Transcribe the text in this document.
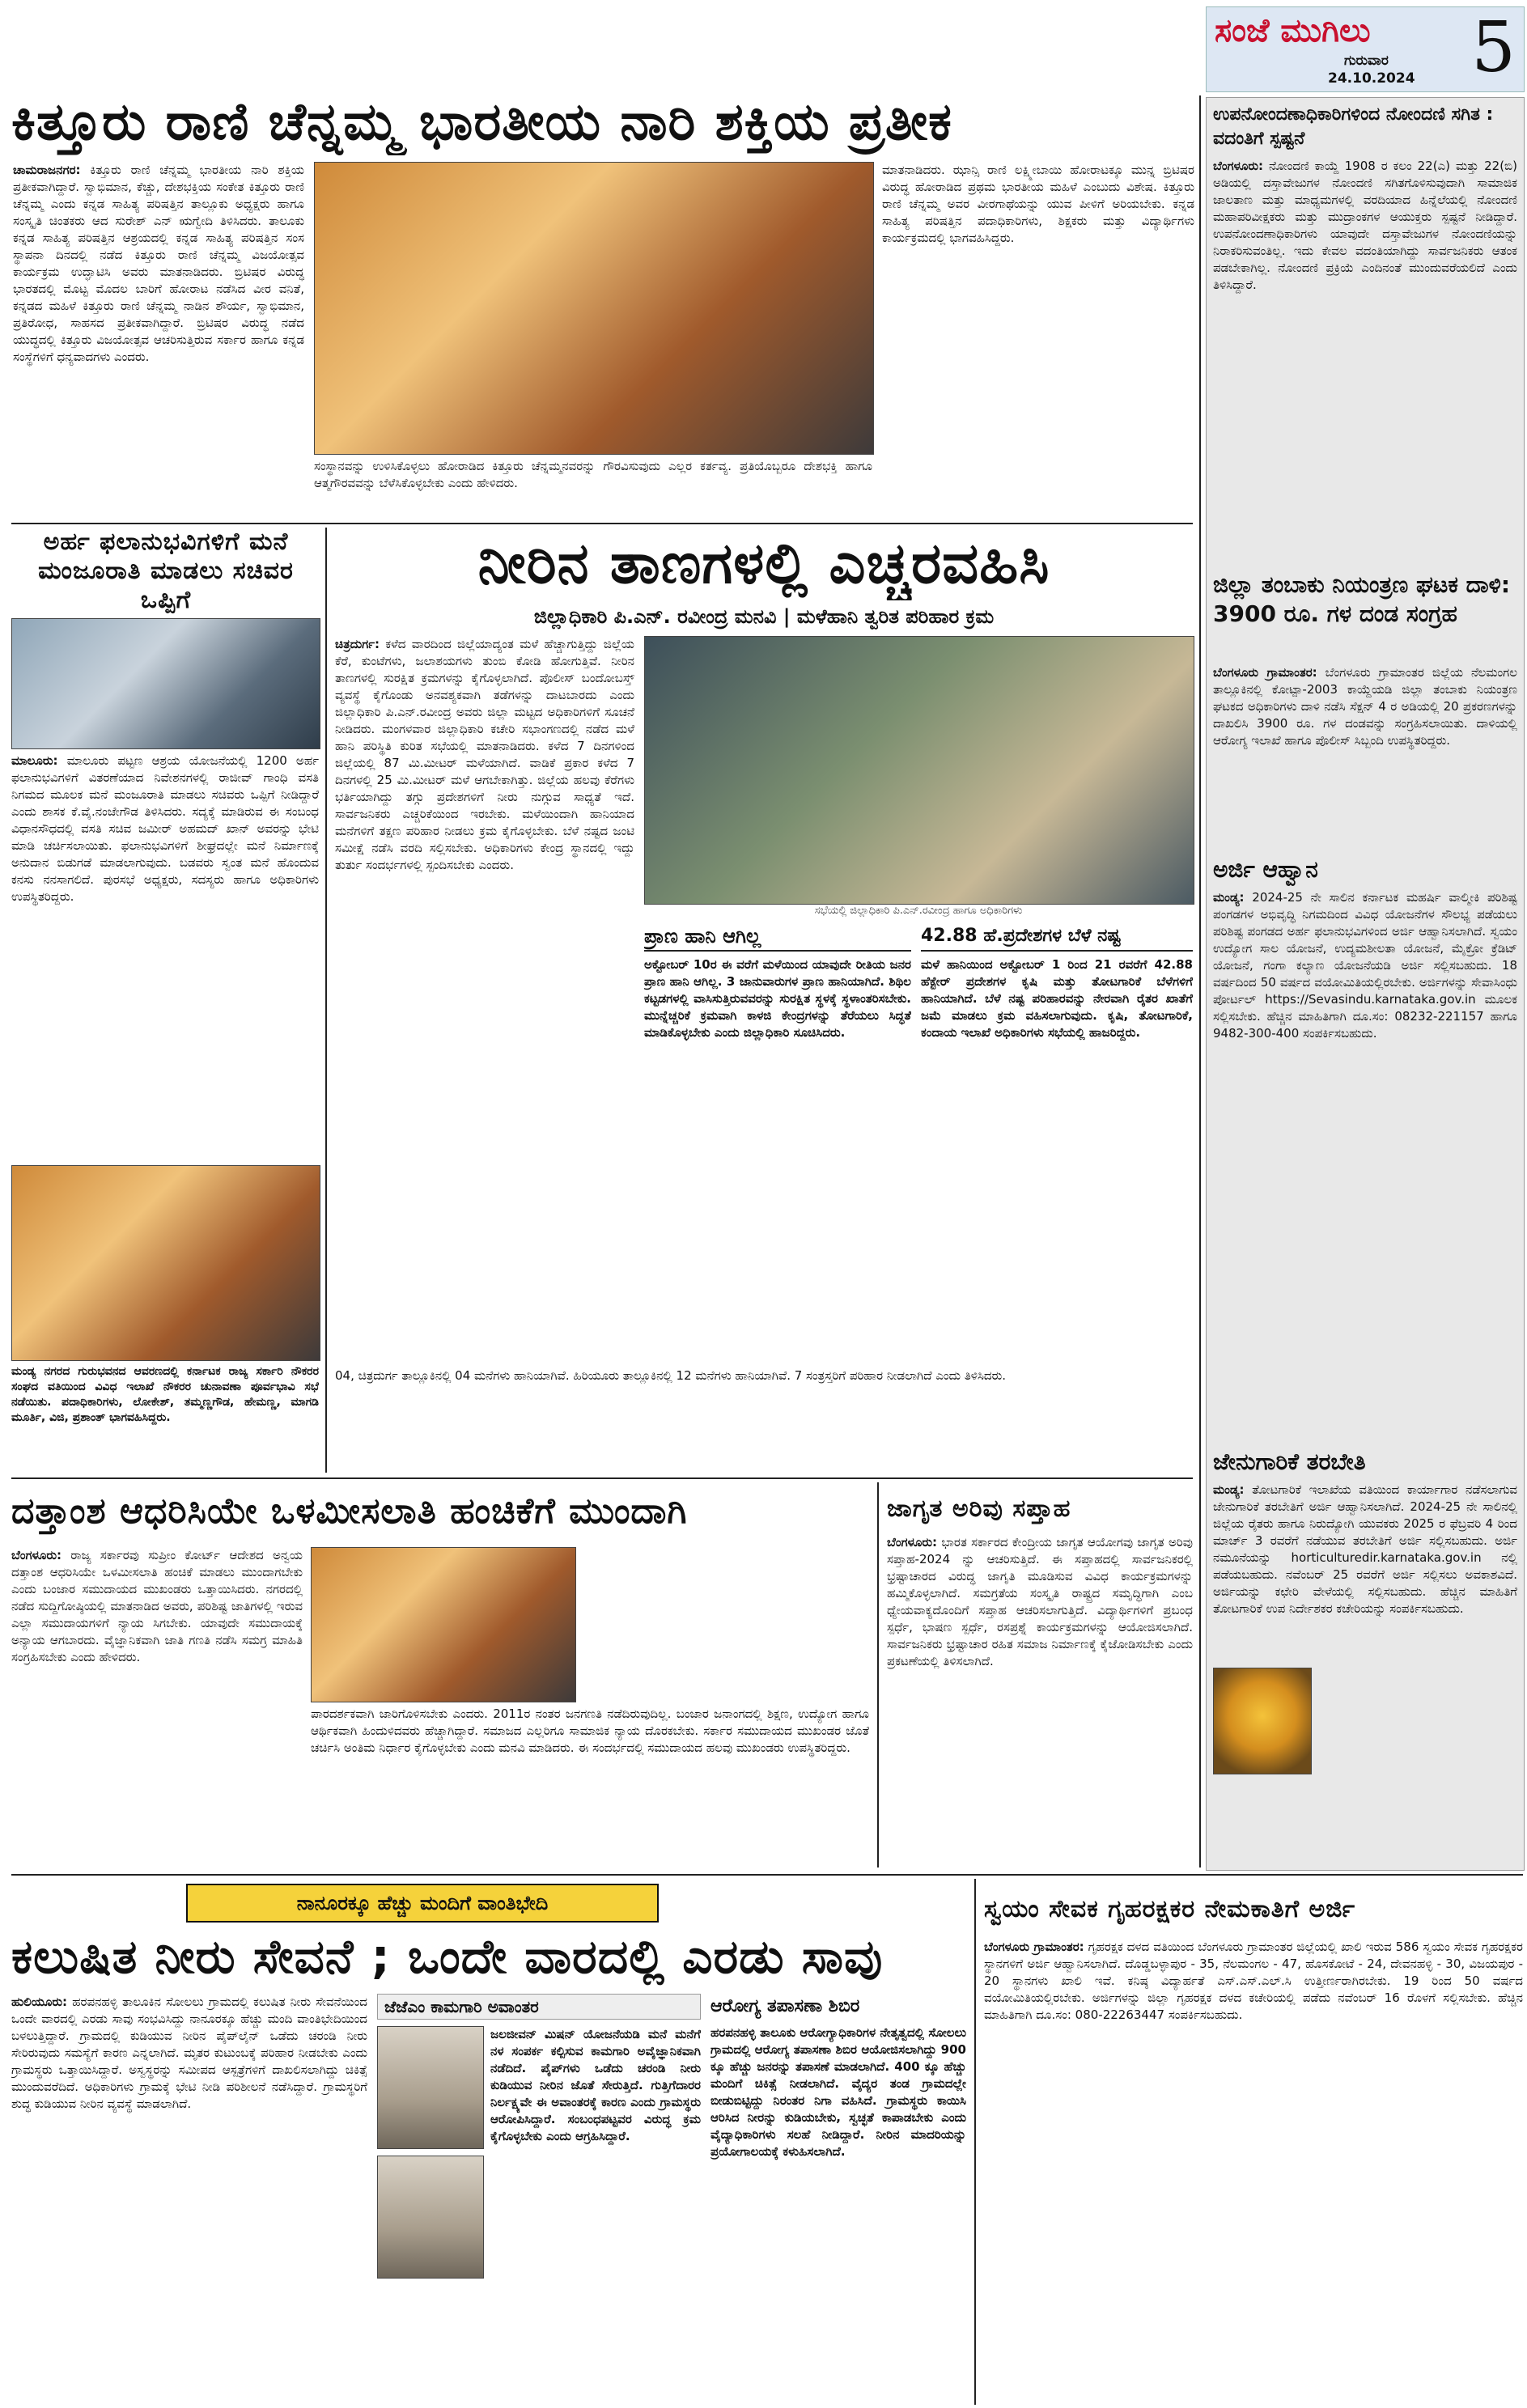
ಸಂಜೆ ಮುಗಿಲು
ಗುರುವಾರ
24.10.2024 5
ಕಿತ್ತೂರು ರಾಣಿ ಚೆನ್ನಮ್ಮ ಭಾರತೀಯ ನಾರಿ ಶಕ್ತಿಯ ಪ್ರತೀಕ
ಚಾಮರಾಜನಗರ: ಕಿತ್ತೂರು ರಾಣಿ ಚೆನ್ನಮ್ಮ ಭಾರತೀಯ ನಾರಿ ಶಕ್ತಿಯ ಪ್ರತೀಕವಾಗಿದ್ದಾರೆ. ಸ್ವಾಭಿಮಾನ, ಕೆಚ್ಚು, ದೇಶಭಕ್ತಿಯ ಸಂಕೇತ ಕಿತ್ತೂರು ರಾಣಿ ಚೆನ್ನಮ್ಮ ಎಂದು ಕನ್ನಡ ಸಾಹಿತ್ಯ ಪರಿಷತ್ತಿನ ತಾಲ್ಲೂಕು ಅಧ್ಯಕ್ಷರು ಹಾಗೂ ಸಂಸ್ಕೃತಿ ಚಿಂತಕರು ಆದ ಸುರೇಶ್ ಎನ್ ಋಗ್ವೇದಿ ತಿಳಿಸಿದರು. ತಾಲೂಕು ಕನ್ನಡ ಸಾಹಿತ್ಯ ಪರಿಷತ್ತಿನ ಆಶ್ರಯದಲ್ಲಿ ಕನ್ನಡ ಸಾಹಿತ್ಯ ಪರಿಷತ್ತಿನ ಸಂಸ ಸ್ಥಾಪನಾ ದಿನದಲ್ಲಿ ನಡೆದ ಕಿತ್ತೂರು ರಾಣಿ ಚೆನ್ನಮ್ಮ ವಿಜಯೋತ್ಸವ ಕಾರ್ಯಕ್ರಮ ಉದ್ಘಾಟಿಸಿ ಅವರು ಮಾತನಾಡಿದರು. ಬ್ರಿಟಿಷರ ವಿರುದ್ಧ ಭಾರತದಲ್ಲಿ ಮೊಟ್ಟ ಮೊದಲ ಬಾರಿಗೆ ಹೋರಾಟ ನಡೆಸಿದ ವೀರ ವನಿತೆ, ಕನ್ನಡದ ಮಹಿಳೆ ಕಿತ್ತೂರು ರಾಣಿ ಚೆನ್ನಮ್ಮ ನಾಡಿನ ಶೌರ್ಯ, ಸ್ವಾಭಿಮಾನ, ಪ್ರತಿರೋಧ, ಸಾಹಸದ ಪ್ರತೀಕವಾಗಿದ್ದಾರೆ. ಬ್ರಿಟಿಷರ ವಿರುದ್ಧ ನಡೆದ ಯುದ್ಧದಲ್ಲಿ ಕಿತ್ತೂರು ವಿಜಯೋತ್ಸವ ಆಚರಿಸುತ್ತಿರುವ ಸರ್ಕಾರ ಹಾಗೂ ಕನ್ನಡ ಸಂಸ್ಥೆಗಳಿಗೆ ಧನ್ಯವಾದಗಳು ಎಂದರು.
ಸಂಸ್ಥಾನವನ್ನು ಉಳಿಸಿಕೊಳ್ಳಲು ಹೋರಾಡಿದ ಕಿತ್ತೂರು ಚೆನ್ನಮ್ಮನವರನ್ನು ಗೌರವಿಸುವುದು ಎಲ್ಲರ ಕರ್ತವ್ಯ. ಪ್ರತಿಯೊಬ್ಬರೂ ದೇಶಭಕ್ತಿ ಹಾಗೂ ಆತ್ಮಗೌರವವನ್ನು ಬೆಳೆಸಿಕೊಳ್ಳಬೇಕು ಎಂದು ಹೇಳಿದರು.
ಮಾತನಾಡಿದರು. ಝಾನ್ಸಿ ರಾಣಿ ಲಕ್ಷ್ಮೀಬಾಯಿ ಹೋರಾಟಕ್ಕೂ ಮುನ್ನ ಬ್ರಿಟಿಷರ ವಿರುದ್ಧ ಹೋರಾಡಿದ ಪ್ರಥಮ ಭಾರತೀಯ ಮಹಿಳೆ ಎಂಬುದು ವಿಶೇಷ. ಕಿತ್ತೂರು ರಾಣಿ ಚೆನ್ನಮ್ಮ ಅವರ ವೀರಗಾಥೆಯನ್ನು ಯುವ ಪೀಳಿಗೆ ಅರಿಯಬೇಕು. ಕನ್ನಡ ಸಾಹಿತ್ಯ ಪರಿಷತ್ತಿನ ಪದಾಧಿಕಾರಿಗಳು, ಶಿಕ್ಷಕರು ಮತ್ತು ವಿದ್ಯಾರ್ಥಿಗಳು ಕಾರ್ಯಕ್ರಮದಲ್ಲಿ ಭಾಗವಹಿಸಿದ್ದರು.
ಅರ್ಹ ಫಲಾನುಭವಿಗಳಿಗೆ ಮನೆ ಮಂಜೂರಾತಿ ಮಾಡಲು ಸಚಿವರ ಒಪ್ಪಿಗೆ
ಮಾಲೂರು: ಮಾಲೂರು ಪಟ್ಟಣ ಆಶ್ರಯ ಯೋಜನೆಯಲ್ಲಿ 1200 ಅರ್ಹ ಫಲಾನುಭವಿಗಳಿಗೆ ವಿತರಣೆಯಾದ ನಿವೇಶನಗಳಲ್ಲಿ ರಾಜೀವ್ ಗಾಂಧಿ ವಸತಿ ನಿಗಮದ ಮೂಲಕ ಮನೆ ಮಂಜೂರಾತಿ ಮಾಡಲು ಸಚಿವರು ಒಪ್ಪಿಗೆ ನೀಡಿದ್ದಾರೆ ಎಂದು ಶಾಸಕ ಕೆ.ವೈ.ನಂಜೇಗೌಡ ತಿಳಿಸಿದರು. ಸದ್ಯಕ್ಕೆ ಮಾಡಿರುವ ಈ ಸಂಬಂಧ ವಿಧಾನಸೌಧದಲ್ಲಿ ವಸತಿ ಸಚಿವ ಜಮೀರ್ ಅಹಮದ್ ಖಾನ್ ಅವರನ್ನು ಭೇಟಿ ಮಾಡಿ ಚರ್ಚಿಸಲಾಯಿತು. ಫಲಾನುಭವಿಗಳಿಗೆ ಶೀಘ್ರದಲ್ಲೇ ಮನೆ ನಿರ್ಮಾಣಕ್ಕೆ ಅನುದಾನ ಬಿಡುಗಡೆ ಮಾಡಲಾಗುವುದು. ಬಡವರು ಸ್ವಂತ ಮನೆ ಹೊಂದುವ ಕನಸು ನನಸಾಗಲಿದೆ. ಪುರಸಭೆ ಅಧ್ಯಕ್ಷರು, ಸದಸ್ಯರು ಹಾಗೂ ಅಧಿಕಾರಿಗಳು ಉಪಸ್ಥಿತರಿದ್ದರು.
ಮಂಡ್ಯ ನಗರದ ಗುರುಭವನದ ಆವರಣದಲ್ಲಿ ಕರ್ನಾಟಕ ರಾಜ್ಯ ಸರ್ಕಾರಿ ನೌಕರರ ಸಂಘದ ವತಿಯಿಂದ ವಿವಿಧ ಇಲಾಖೆ ನೌಕರರ ಚುನಾವಣಾ ಪೂರ್ವಭಾವಿ ಸಭೆ ನಡೆಯಿತು. ಪದಾಧಿಕಾರಿಗಳು, ಲೋಕೇಶ್, ತಮ್ಮಣ್ಣಗೌಡ, ಹೇಮಣ್ಣ, ಮಾಗಡಿ ಮೂರ್ತಿ, ವಿಜಿ, ಪ್ರಶಾಂತ್ ಭಾಗವಹಿಸಿದ್ದರು.
ನೀರಿನ ತಾಣಗಳಲ್ಲಿ ಎಚ್ಚರವಹಿಸಿ
ಜಿಲ್ಲಾಧಿಕಾರಿ ಪಿ.ಎನ್. ರವೀಂದ್ರ ಮನವಿ | ಮಳೆಹಾನಿ ತ್ವರಿತ ಪರಿಹಾರ ಕ್ರಮ
ಚಿತ್ರದುರ್ಗ: ಕಳೆದ ವಾರದಿಂದ ಜಿಲ್ಲೆಯಾದ್ಯಂತ ಮಳೆ ಹೆಚ್ಚಾಗುತ್ತಿದ್ದು ಜಿಲ್ಲೆಯ ಕೆರೆ, ಕುಂಟೆಗಳು, ಜಲಾಶಯಗಳು ತುಂಬಿ ಕೋಡಿ ಹೋಗುತ್ತಿವೆ. ನೀರಿನ ತಾಣಗಳಲ್ಲಿ ಸುರಕ್ಷಿತ ಕ್ರಮಗಳನ್ನು ಕೈಗೊಳ್ಳಲಾಗಿದೆ. ಪೊಲೀಸ್ ಬಂದೋಬಸ್ತ್ ವ್ಯವಸ್ಥೆ ಕೈಗೊಂಡು ಅನವಶ್ಯಕವಾಗಿ ತಡೆಗಳನ್ನು ದಾಟಬಾರದು ಎಂದು ಜಿಲ್ಲಾಧಿಕಾರಿ ಪಿ.ಎನ್.ರವೀಂದ್ರ ಅವರು ಜಿಲ್ಲಾ ಮಟ್ಟದ ಅಧಿಕಾರಿಗಳಿಗೆ ಸೂಚನೆ ನೀಡಿದರು. ಮಂಗಳವಾರ ಜಿಲ್ಲಾಧಿಕಾರಿ ಕಚೇರಿ ಸಭಾಂಗಣದಲ್ಲಿ ನಡೆದ ಮಳೆ ಹಾನಿ ಪರಿಸ್ಥಿತಿ ಕುರಿತ ಸಭೆಯಲ್ಲಿ ಮಾತನಾಡಿದರು. ಕಳೆದ 7 ದಿನಗಳಿಂದ ಜಿಲ್ಲೆಯಲ್ಲಿ 87 ಮಿ.ಮೀಟರ್ ಮಳೆಯಾಗಿದೆ. ವಾಡಿಕೆ ಪ್ರಕಾರ ಕಳೆದ 7 ದಿನಗಳಲ್ಲಿ 25 ಮಿ.ಮೀಟರ್ ಮಳೆ ಆಗಬೇಕಾಗಿತ್ತು. ಜಿಲ್ಲೆಯ ಹಲವು ಕೆರೆಗಳು ಭರ್ತಿಯಾಗಿದ್ದು ತಗ್ಗು ಪ್ರದೇಶಗಳಿಗೆ ನೀರು ನುಗ್ಗುವ ಸಾಧ್ಯತೆ ಇದೆ. ಸಾರ್ವಜನಿಕರು ಎಚ್ಚರಿಕೆಯಿಂದ ಇರಬೇಕು. ಮಳೆಯಿಂದಾಗಿ ಹಾನಿಯಾದ ಮನೆಗಳಿಗೆ ತಕ್ಷಣ ಪರಿಹಾರ ನೀಡಲು ಕ್ರಮ ಕೈಗೊಳ್ಳಬೇಕು. ಬೆಳೆ ನಷ್ಟದ ಜಂಟಿ ಸಮೀಕ್ಷೆ ನಡೆಸಿ ವರದಿ ಸಲ್ಲಿಸಬೇಕು. ಅಧಿಕಾರಿಗಳು ಕೇಂದ್ರ ಸ್ಥಾನದಲ್ಲಿ ಇದ್ದು ತುರ್ತು ಸಂದರ್ಭಗಳಲ್ಲಿ ಸ್ಪಂದಿಸಬೇಕು ಎಂದರು.
ಸಭೆಯಲ್ಲಿ ಜಿಲ್ಲಾಧಿಕಾರಿ ಪಿ.ಎನ್.ರವೀಂದ್ರ ಹಾಗೂ ಅಧಿಕಾರಿಗಳು
ಪ್ರಾಣ ಹಾನಿ ಆಗಿಲ್ಲ
ಅಕ್ಟೋಬರ್ 10ರ ಈ ವರೆಗೆ ಮಳೆಯಿಂದ ಯಾವುದೇ ರೀತಿಯ ಜನರ ಪ್ರಾಣ ಹಾನಿ ಆಗಿಲ್ಲ. 3 ಜಾನುವಾರುಗಳ ಪ್ರಾಣ ಹಾನಿಯಾಗಿದೆ. ಶಿಥಿಲ ಕಟ್ಟಡಗಳಲ್ಲಿ ವಾಸಿಸುತ್ತಿರುವವರನ್ನು ಸುರಕ್ಷಿತ ಸ್ಥಳಕ್ಕೆ ಸ್ಥಳಾಂತರಿಸಬೇಕು. ಮುನ್ನೆಚ್ಚರಿಕೆ ಕ್ರಮವಾಗಿ ಕಾಳಜಿ ಕೇಂದ್ರಗಳನ್ನು ತೆರೆಯಲು ಸಿದ್ಧತೆ ಮಾಡಿಕೊಳ್ಳಬೇಕು ಎಂದು ಜಿಲ್ಲಾಧಿಕಾರಿ ಸೂಚಿಸಿದರು.
42.88 ಹೆ.ಪ್ರದೇಶಗಳ ಬೆಳೆ ನಷ್ಟ
ಮಳೆ ಹಾನಿಯಿಂದ ಅಕ್ಟೋಬರ್ 1 ರಿಂದ 21 ರವರೆಗೆ 42.88 ಹೆಕ್ಟೇರ್ ಪ್ರದೇಶಗಳ ಕೃಷಿ ಮತ್ತು ತೋಟಗಾರಿಕೆ ಬೆಳೆಗಳಿಗೆ ಹಾನಿಯಾಗಿದೆ. ಬೆಳೆ ನಷ್ಟ ಪರಿಹಾರವನ್ನು ನೇರವಾಗಿ ರೈತರ ಖಾತೆಗೆ ಜಮೆ ಮಾಡಲು ಕ್ರಮ ವಹಿಸಲಾಗುವುದು. ಕೃಷಿ, ತೋಟಗಾರಿಕೆ, ಕಂದಾಯ ಇಲಾಖೆ ಅಧಿಕಾರಿಗಳು ಸಭೆಯಲ್ಲಿ ಹಾಜರಿದ್ದರು.
04, ಚಿತ್ರದುರ್ಗ ತಾಲ್ಲೂಕಿನಲ್ಲಿ 04 ಮನೆಗಳು ಹಾನಿಯಾಗಿವೆ. ಹಿರಿಯೂರು ತಾಲ್ಲೂಕಿನಲ್ಲಿ 12 ಮನೆಗಳು ಹಾನಿಯಾಗಿವೆ. 7 ಸಂತ್ರಸ್ತರಿಗೆ ಪರಿಹಾರ ನೀಡಲಾಗಿದೆ ಎಂದು ತಿಳಿಸಿದರು.
ದತ್ತಾಂಶ ಆಧರಿಸಿಯೇ ಒಳಮೀಸಲಾತಿ ಹಂಚಿಕೆಗೆ ಮುಂದಾಗಿ
ಬೆಂಗಳೂರು: ರಾಜ್ಯ ಸರ್ಕಾರವು ಸುಪ್ರೀಂ ಕೋರ್ಟ್ ಆದೇಶದ ಅನ್ವಯ ದತ್ತಾಂಶ ಆಧರಿಸಿಯೇ ಒಳಮೀಸಲಾತಿ ಹಂಚಿಕೆ ಮಾಡಲು ಮುಂದಾಗಬೇಕು ಎಂದು ಬಂಜಾರ ಸಮುದಾಯದ ಮುಖಂಡರು ಒತ್ತಾಯಿಸಿದರು. ನಗರದಲ್ಲಿ ನಡೆದ ಸುದ್ದಿಗೋಷ್ಠಿಯಲ್ಲಿ ಮಾತನಾಡಿದ ಅವರು, ಪರಿಶಿಷ್ಟ ಜಾತಿಗಳಲ್ಲಿ ಇರುವ ಎಲ್ಲಾ ಸಮುದಾಯಗಳಿಗೆ ನ್ಯಾಯ ಸಿಗಬೇಕು. ಯಾವುದೇ ಸಮುದಾಯಕ್ಕೆ ಅನ್ಯಾಯ ಆಗಬಾರದು. ವೈಜ್ಞಾನಿಕವಾಗಿ ಜಾತಿ ಗಣತಿ ನಡೆಸಿ ಸಮಗ್ರ ಮಾಹಿತಿ ಸಂಗ್ರಹಿಸಬೇಕು ಎಂದು ಹೇಳಿದರು.
ಪಾರದರ್ಶಕವಾಗಿ ಜಾರಿಗೊಳಿಸಬೇಕು ಎಂದರು. 2011ರ ನಂತರ ಜನಗಣತಿ ನಡೆದಿರುವುದಿಲ್ಲ. ಬಂಜಾರ ಜನಾಂಗದಲ್ಲಿ ಶಿಕ್ಷಣ, ಉದ್ಯೋಗ ಹಾಗೂ ಆರ್ಥಿಕವಾಗಿ ಹಿಂದುಳಿದವರು ಹೆಚ್ಚಾಗಿದ್ದಾರೆ. ಸಮಾಜದ ಎಲ್ಲರಿಗೂ ಸಾಮಾಜಿಕ ನ್ಯಾಯ ದೊರಕಬೇಕು. ಸರ್ಕಾರ ಸಮುದಾಯದ ಮುಖಂಡರ ಜೊತೆ ಚರ್ಚಿಸಿ ಅಂತಿಮ ನಿರ್ಧಾರ ಕೈಗೊಳ್ಳಬೇಕು ಎಂದು ಮನವಿ ಮಾಡಿದರು. ಈ ಸಂದರ್ಭದಲ್ಲಿ ಸಮುದಾಯದ ಹಲವು ಮುಖಂಡರು ಉಪಸ್ಥಿತರಿದ್ದರು.
ಜಾಗೃತ ಅರಿವು ಸಪ್ತಾಹ
ಬೆಂಗಳೂರು: ಭಾರತ ಸರ್ಕಾರದ ಕೇಂದ್ರೀಯ ಜಾಗೃತ ಆಯೋಗವು ಜಾಗೃತ ಅರಿವು ಸಪ್ತಾಹ-2024 ನ್ನು ಆಚರಿಸುತ್ತಿದೆ. ಈ ಸಪ್ತಾಹದಲ್ಲಿ ಸಾರ್ವಜನಿಕರಲ್ಲಿ ಭ್ರಷ್ಟಾಚಾರದ ವಿರುದ್ಧ ಜಾಗೃತಿ ಮೂಡಿಸುವ ವಿವಿಧ ಕಾರ್ಯಕ್ರಮಗಳನ್ನು ಹಮ್ಮಿಕೊಳ್ಳಲಾಗಿದೆ. ಸಮಗ್ರತೆಯ ಸಂಸ್ಕೃತಿ ರಾಷ್ಟ್ರದ ಸಮೃದ್ಧಿಗಾಗಿ ಎಂಬ ಧ್ಯೇಯವಾಕ್ಯದೊಂದಿಗೆ ಸಪ್ತಾಹ ಆಚರಿಸಲಾಗುತ್ತಿದೆ. ವಿದ್ಯಾರ್ಥಿಗಳಿಗೆ ಪ್ರಬಂಧ ಸ್ಪರ್ಧೆ, ಭಾಷಣ ಸ್ಪರ್ಧೆ, ರಸಪ್ರಶ್ನೆ ಕಾರ್ಯಕ್ರಮಗಳನ್ನು ಆಯೋಜಿಸಲಾಗಿದೆ. ಸಾರ್ವಜನಿಕರು ಭ್ರಷ್ಟಾಚಾರ ರಹಿತ ಸಮಾಜ ನಿರ್ಮಾಣಕ್ಕೆ ಕೈಜೋಡಿಸಬೇಕು ಎಂದು ಪ್ರಕಟಣೆಯಲ್ಲಿ ತಿಳಿಸಲಾಗಿದೆ.
ಉಪನೋಂದಣಾಧಿಕಾರಿಗಳಿಂದ ನೋಂದಣಿ ಸಗಿತ : ವದಂತಿಗೆ ಸ್ಪಷ್ಟನೆ
ಬೆಂಗಳೂರು: ನೋಂದಣಿ ಕಾಯ್ದೆ 1908 ರ ಕಲಂ 22(ಎ) ಮತ್ತು 22(ಬಿ) ಅಡಿಯಲ್ಲಿ ದಸ್ತಾವೇಜುಗಳ ನೋಂದಣಿ ಸಗಿತಗೊಳಿಸುವುದಾಗಿ ಸಾಮಾಜಿಕ ಜಾಲತಾಣ ಮತ್ತು ಮಾಧ್ಯಮಗಳಲ್ಲಿ ವರದಿಯಾದ ಹಿನ್ನೆಲೆಯಲ್ಲಿ ನೋಂದಣಿ ಮಹಾಪರಿವೀಕ್ಷಕರು ಮತ್ತು ಮುದ್ರಾಂಕಗಳ ಆಯುಕ್ತರು ಸ್ಪಷ್ಟನೆ ನೀಡಿದ್ದಾರೆ. ಉಪನೋಂದಣಾಧಿಕಾರಿಗಳು ಯಾವುದೇ ದಸ್ತಾವೇಜುಗಳ ನೋಂದಣಿಯನ್ನು ನಿರಾಕರಿಸುವಂತಿಲ್ಲ. ಇದು ಕೇವಲ ವದಂತಿಯಾಗಿದ್ದು ಸಾರ್ವಜನಿಕರು ಆತಂಕ ಪಡಬೇಕಾಗಿಲ್ಲ. ನೋಂದಣಿ ಪ್ರಕ್ರಿಯೆ ಎಂದಿನಂತೆ ಮುಂದುವರೆಯಲಿದೆ ಎಂದು ತಿಳಿಸಿದ್ದಾರೆ.
ಜಿಲ್ಲಾ ತಂಬಾಕು ನಿಯಂತ್ರಣ ಘಟಕ ದಾಳಿ: 3900 ರೂ. ಗಳ ದಂಡ ಸಂಗ್ರಹ
ಬೆಂಗಳೂರು ಗ್ರಾಮಾಂತರ: ಬೆಂಗಳೂರು ಗ್ರಾಮಾಂತರ ಜಿಲ್ಲೆಯ ನೆಲಮಂಗಲ ತಾಲ್ಲೂಕಿನಲ್ಲಿ ಕೋಟ್ಪಾ-2003 ಕಾಯ್ದೆಯಡಿ ಜಿಲ್ಲಾ ತಂಬಾಕು ನಿಯಂತ್ರಣ ಘಟಕದ ಅಧಿಕಾರಿಗಳು ದಾಳಿ ನಡೆಸಿ ಸೆಕ್ಷನ್ 4 ರ ಅಡಿಯಲ್ಲಿ 20 ಪ್ರಕರಣಗಳನ್ನು ದಾಖಲಿಸಿ 3900 ರೂ. ಗಳ ದಂಡವನ್ನು ಸಂಗ್ರಹಿಸಲಾಯಿತು. ದಾಳಿಯಲ್ಲಿ ಆರೋಗ್ಯ ಇಲಾಖೆ ಹಾಗೂ ಪೊಲೀಸ್ ಸಿಬ್ಬಂದಿ ಉಪಸ್ಥಿತರಿದ್ದರು.
ಅರ್ಜಿ ಆಹ್ವಾನ
ಮಂಡ್ಯ: 2024-25 ನೇ ಸಾಲಿನ ಕರ್ನಾಟಕ ಮಹರ್ಷಿ ವಾಲ್ಮೀಕಿ ಪರಿಶಿಷ್ಟ ಪಂಗಡಗಳ ಅಭಿವೃದ್ಧಿ ನಿಗಮದಿಂದ ವಿವಿಧ ಯೋಜನೆಗಳ ಸೌಲಭ್ಯ ಪಡೆಯಲು ಪರಿಶಿಷ್ಟ ಪಂಗಡದ ಅರ್ಹ ಫಲಾನುಭವಿಗಳಿಂದ ಅರ್ಜಿ ಆಹ್ವಾನಿಸಲಾಗಿದೆ. ಸ್ವಯಂ ಉದ್ಯೋಗ ಸಾಲ ಯೋಜನೆ, ಉದ್ಯಮಶೀಲತಾ ಯೋಜನೆ, ಮೈಕ್ರೋ ಕ್ರೆಡಿಟ್ ಯೋಜನೆ, ಗಂಗಾ ಕಲ್ಯಾಣ ಯೋಜನೆಯಡಿ ಅರ್ಜಿ ಸಲ್ಲಿಸಬಹುದು. 18 ವರ್ಷದಿಂದ 50 ವರ್ಷದ ವಯೋಮಿತಿಯಲ್ಲಿರಬೇಕು. ಅರ್ಜಿಗಳನ್ನು ಸೇವಾಸಿಂಧು ಪೋರ್ಟಲ್ https://Sevasindu.karnataka.gov.in ಮೂಲಕ ಸಲ್ಲಿಸಬೇಕು. ಹೆಚ್ಚಿನ ಮಾಹಿತಿಗಾಗಿ ದೂ.ಸಂ: 08232-221157 ಹಾಗೂ 9482-300-400 ಸಂಪರ್ಕಿಸಬಹುದು.
ಜೇನುಗಾರಿಕೆ ತರಬೇತಿ
ಮಂಡ್ಯ: ತೋಟಗಾರಿಕೆ ಇಲಾಖೆಯ ವತಿಯಿಂದ ಕಾರ್ಯಾಗಾರ ನಡೆಸಲಾಗುವ ಜೇನುಗಾರಿಕೆ ತರಬೇತಿಗೆ ಅರ್ಜಿ ಆಹ್ವಾನಿಸಲಾಗಿದೆ. 2024-25 ನೇ ಸಾಲಿನಲ್ಲಿ ಜಿಲ್ಲೆಯ ರೈತರು ಹಾಗೂ ನಿರುದ್ಯೋಗಿ ಯುವಕರು 2025 ರ ಫೆಬ್ರವರಿ 4 ರಿಂದ ಮಾರ್ಚ್ 3 ರವರೆಗೆ ನಡೆಯುವ ತರಬೇತಿಗೆ ಅರ್ಜಿ ಸಲ್ಲಿಸಬಹುದು. ಅರ್ಜಿ ನಮೂನೆಯನ್ನು horticulturedir.karnataka.gov.in ನಲ್ಲಿ ಪಡೆಯಬಹುದು. ನವೆಂಬರ್ 25 ರವರೆಗೆ ಅರ್ಜಿ ಸಲ್ಲಿಸಲು ಅವಕಾಶವಿದೆ. ಅರ್ಜಿಯನ್ನು ಕಛೇರಿ ವೇಳೆಯಲ್ಲಿ ಸಲ್ಲಿಸಬಹುದು. ಹೆಚ್ಚಿನ ಮಾಹಿತಿಗೆ ತೋಟಗಾರಿಕೆ ಉಪ ನಿರ್ದೇಶಕರ ಕಚೇರಿಯನ್ನು ಸಂಪರ್ಕಿಸಬಹುದು.
ನಾನೂರಕ್ಕೂ ಹೆಚ್ಚು ಮಂದಿಗೆ ವಾಂತಿಭೇದಿ
ಕಲುಷಿತ ನೀರು ಸೇವನೆ ; ಒಂದೇ ವಾರದಲ್ಲಿ ಎರಡು ಸಾವು
ಹುಲಿಯೂರು: ಹರಪನಹಳ್ಳಿ ತಾಲೂಕಿನ ಸೋಲಲು ಗ್ರಾಮದಲ್ಲಿ ಕಲುಷಿತ ನೀರು ಸೇವನೆಯಿಂದ ಒಂದೇ ವಾರದಲ್ಲಿ ಎರಡು ಸಾವು ಸಂಭವಿಸಿದ್ದು ನಾನೂರಕ್ಕೂ ಹೆಚ್ಚು ಮಂದಿ ವಾಂತಿಭೇದಿಯಿಂದ ಬಳಲುತ್ತಿದ್ದಾರೆ. ಗ್ರಾಮದಲ್ಲಿ ಕುಡಿಯುವ ನೀರಿನ ಪೈಪ್‌ಲೈನ್ ಒಡೆದು ಚರಂಡಿ ನೀರು ಸೇರಿರುವುದು ಸಮಸ್ಯೆಗೆ ಕಾರಣ ಎನ್ನಲಾಗಿದೆ. ಮೃತರ ಕುಟುಂಬಕ್ಕೆ ಪರಿಹಾರ ನೀಡಬೇಕು ಎಂದು ಗ್ರಾಮಸ್ಥರು ಒತ್ತಾಯಿಸಿದ್ದಾರೆ. ಅಸ್ವಸ್ಥರನ್ನು ಸಮೀಪದ ಆಸ್ಪತ್ರೆಗಳಿಗೆ ದಾಖಲಿಸಲಾಗಿದ್ದು ಚಿಕಿತ್ಸೆ ಮುಂದುವರೆದಿದೆ. ಅಧಿಕಾರಿಗಳು ಗ್ರಾಮಕ್ಕೆ ಭೇಟಿ ನೀಡಿ ಪರಿಶೀಲನೆ ನಡೆಸಿದ್ದಾರೆ. ಗ್ರಾಮಸ್ಥರಿಗೆ ಶುದ್ಧ ಕುಡಿಯುವ ನೀರಿನ ವ್ಯವಸ್ಥೆ ಮಾಡಲಾಗಿದೆ.
ಜೆಜೆಎಂ ಕಾಮಗಾರಿ ಅವಾಂತರ
ಜಲಜೀವನ್ ಮಿಷನ್ ಯೋಜನೆಯಡಿ ಮನೆ ಮನೆಗೆ ನಳ ಸಂಪರ್ಕ ಕಲ್ಪಿಸುವ ಕಾಮಗಾರಿ ಅವೈಜ್ಞಾನಿಕವಾಗಿ ನಡೆದಿದೆ. ಪೈಪ್‌ಗಳು ಒಡೆದು ಚರಂಡಿ ನೀರು ಕುಡಿಯುವ ನೀರಿನ ಜೊತೆ ಸೇರುತ್ತಿದೆ. ಗುತ್ತಿಗೆದಾರರ ನಿರ್ಲಕ್ಷ್ಯವೇ ಈ ಅವಾಂತರಕ್ಕೆ ಕಾರಣ ಎಂದು ಗ್ರಾಮಸ್ಥರು ಆರೋಪಿಸಿದ್ದಾರೆ. ಸಂಬಂಧಪಟ್ಟವರ ವಿರುದ್ಧ ಕ್ರಮ ಕೈಗೊಳ್ಳಬೇಕು ಎಂದು ಆಗ್ರಹಿಸಿದ್ದಾರೆ.
ಆರೋಗ್ಯ ತಪಾಸಣಾ ಶಿಬಿರ
ಹರಪನಹಳ್ಳಿ ತಾಲೂಕು ಆರೋಗ್ಯಾಧಿಕಾರಿಗಳ ನೇತೃತ್ವದಲ್ಲಿ ಸೋಲಲು ಗ್ರಾಮದಲ್ಲಿ ಆರೋಗ್ಯ ತಪಾಸಣಾ ಶಿಬಿರ ಆಯೋಜಿಸಲಾಗಿದ್ದು 900 ಕ್ಕೂ ಹೆಚ್ಚು ಜನರನ್ನು ತಪಾಸಣೆ ಮಾಡಲಾಗಿದೆ. 400 ಕ್ಕೂ ಹೆಚ್ಚು ಮಂದಿಗೆ ಚಿಕಿತ್ಸೆ ನೀಡಲಾಗಿದೆ. ವೈದ್ಯರ ತಂಡ ಗ್ರಾಮದಲ್ಲೇ ಬೀಡುಬಿಟ್ಟಿದ್ದು ನಿರಂತರ ನಿಗಾ ವಹಿಸಿದೆ. ಗ್ರಾಮಸ್ಥರು ಕಾಯಿಸಿ ಆರಿಸಿದ ನೀರನ್ನು ಕುಡಿಯಬೇಕು, ಸ್ವಚ್ಛತೆ ಕಾಪಾಡಬೇಕು ಎಂದು ವೈದ್ಯಾಧಿಕಾರಿಗಳು ಸಲಹೆ ನೀಡಿದ್ದಾರೆ. ನೀರಿನ ಮಾದರಿಯನ್ನು ಪ್ರಯೋಗಾಲಯಕ್ಕೆ ಕಳುಹಿಸಲಾಗಿದೆ.
ಸ್ವಯಂ ಸೇವಕ ಗೃಹರಕ್ಷಕರ ನೇಮಕಾತಿಗೆ ಅರ್ಜಿ
ಬೆಂಗಳೂರು ಗ್ರಾಮಾಂತರ: ಗೃಹರಕ್ಷಕ ದಳದ ವತಿಯಿಂದ ಬೆಂಗಳೂರು ಗ್ರಾಮಾಂತರ ಜಿಲ್ಲೆಯಲ್ಲಿ ಖಾಲಿ ಇರುವ 586 ಸ್ವಯಂ ಸೇವಕ ಗೃಹರಕ್ಷಕರ ಸ್ಥಾನಗಳಿಗೆ ಅರ್ಜಿ ಆಹ್ವಾನಿಸಲಾಗಿದೆ. ದೊಡ್ಡಬಳ್ಳಾಪುರ - 35, ನೆಲಮಂಗಲ - 47, ಹೊಸಕೋಟೆ - 24, ದೇವನಹಳ್ಳಿ - 30, ವಿಜಯಪುರ - 20 ಸ್ಥಾನಗಳು ಖಾಲಿ ಇವೆ. ಕನಿಷ್ಠ ವಿದ್ಯಾರ್ಹತೆ ಎಸ್.ಎಸ್.ಎಲ್.ಸಿ ಉತ್ತೀರ್ಣರಾಗಿರಬೇಕು. 19 ರಿಂದ 50 ವರ್ಷದ ವಯೋಮಿತಿಯಲ್ಲಿರಬೇಕು. ಅರ್ಜಿಗಳನ್ನು ಜಿಲ್ಲಾ ಗೃಹರಕ್ಷಕ ದಳದ ಕಚೇರಿಯಲ್ಲಿ ಪಡೆದು ನವೆಂಬರ್ 16 ರೊಳಗೆ ಸಲ್ಲಿಸಬೇಕು. ಹೆಚ್ಚಿನ ಮಾಹಿತಿಗಾಗಿ ದೂ.ಸಂ: 080-22263447 ಸಂಪರ್ಕಿಸಬಹುದು.
